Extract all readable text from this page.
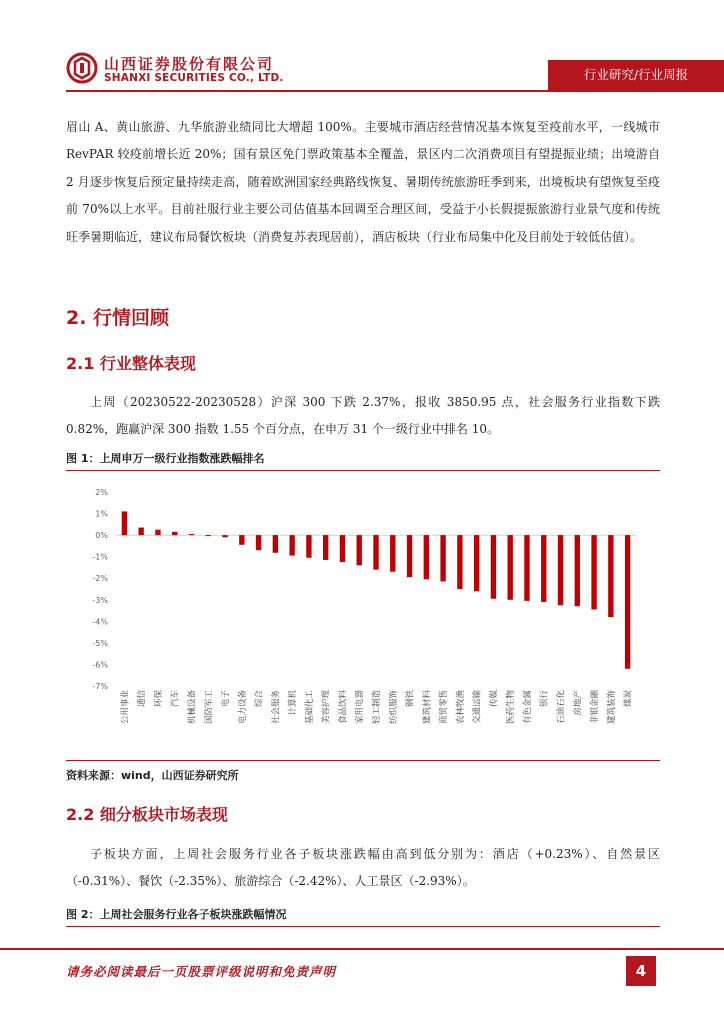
山西证券股份有限公司
SHANXI SECURITIES CO., LTD.	行业研究/行业周报

眉山 A、黄山旅游、九华旅游业绩同比大增超 100%。主要城市酒店经营情况基本恢复至疫前水平，一线城市 RevPAR 较疫前增长近 20%；国有景区免门票政策基本全覆盖，景区内二次消费项目有望提振业绩；出境游自 2 月逐步恢复后预定量持续走高，随着欧洲国家经典路线恢复、暑期传统旅游旺季到来，出境板块有望恢复至疫前 70%以上水平。目前社服行业主要公司估值基本回调至合理区间，受益于小长假提振旅游行业景气度和传统旺季暑期临近，建议布局餐饮板块（消费复苏表现居前），酒店板块（行业布局集中化及目前处于较低估值）。

2. 行情回顾
2.1 行业整体表现

上周（20230522-20230528）沪深 300 下跌 2.37%，报收 3850.95 点，社会服务行业指数下跌 0.82%，跑赢沪深 300 指数 1.55 个百分点，在申万 31 个一级行业中排名 10。

图 1：上周申万一级行业指数涨跌幅排名
2%
1%
0%
-1%
-2%
-3%
-4%
-5%
-6%
-7%
公用事业 通信 环保 汽车 机械设备 国防军工 电子 电力设备 综合 社会服务 计算机 基础化工 美容护理 食品饮料 家用电器 轻工制造 纺织服饰 钢铁 建筑材料 商贸零售 农林牧渔 交通运输 传媒 医药生物 有色金属 银行 石油石化 房地产 非银金融 建筑装饰 煤炭
资料来源：wind，山西证券研究所
2.2 细分板块市场表现

子板块方面，上周社会服务行业各子板块涨跌幅由高到低分别为：酒店（+0.23%）、自然景区（-0.31%）、餐饮（-2.35%）、旅游综合（-2.42%）、人工景区（-2.93%）。

图 2：上周社会服务行业各子板块涨跌幅情况
请务必阅读最后一页股票评级说明和免责声明	4
